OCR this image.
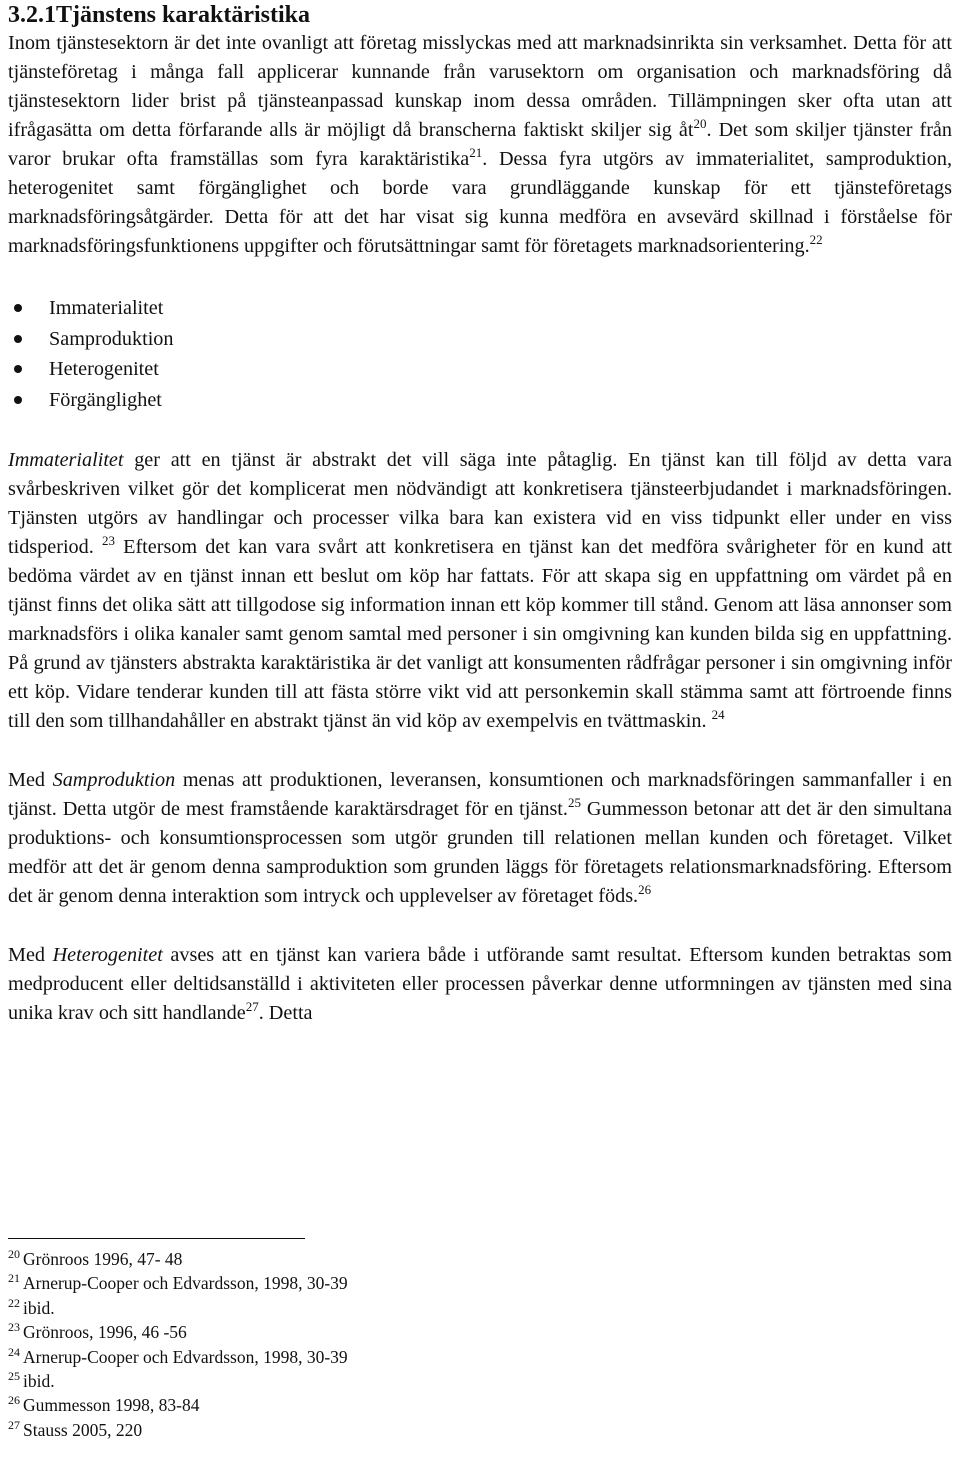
3.2.1Tjänstens karaktäristika

Inom tjänstesektorn är det inte ovanligt att företag misslyckas med att marknadsinrikta sin verksamhet. Detta för att tjänsteföretag i många fall applicerar kunnande från varusektorn om organisation och marknadsföring då tjänstesektorn lider brist på tjänsteanpassad kunskap inom dessa områden. Tillämpningen sker ofta utan att ifrågasätta om detta förfarande alls är möjligt då branscherna faktiskt skiljer sig $åt^{20}$. Det som skiljer tjänster från varor brukar ofta framställas som fyra karaktäristika$^{21}$. Dessa fyra utgörs av immaterialitet, samproduktion, heterogenitet samt förgänglighet och borde vara grundläggande kunskap för ett tjänsteföretags marknadsföringsåtgärder. Detta för att det har visat sig kunna medföra en avsevärd skillnad i förståelse för marknadsföringsfunktionens uppgifter och förutsättningar samt för företagets marknadsorientering.$^{22}$

Immaterialitet
Samproduktion
Heterogenitet
Förgänglighet

Immaterialitet ger att en tjänst är abstrakt det vill säga inte påtaglig. En tjänst kan till följd av detta vara svårbeskriven vilket gör det komplicerat men nödvändigt att konkretisera tjänsteerbjudandet i marknadsföringen. Tjänsten utgörs av handlingar och processer vilka bara kan existera vid en viss tidpunkt eller under en viss tidsperiod. $^{23}$ Eftersom det kan vara svårt att konkretisera en tjänst kan det medföra svårigheter för en kund att bedöma värdet av en tjänst innan ett beslut om köp har fattats. För att skapa sig en uppfattning om värdet på en tjänst finns det olika sätt att tillgodose sig information innan ett köp kommer till stånd. Genom att läsa annonser som marknadsförs i olika kanaler samt genom samtal med personer i sin omgivning kan kunden bilda sig en uppfattning. På grund av tjänsters abstrakta karaktäristika är det vanligt att konsumenten rådfrågar personer i sin omgivning inför ett köp. Vidare tenderar kunden till att fästa större vikt vid att personkemin skall stämma samt att förtroende finns till den som tillhandahåller en abstrakt tjänst än vid köp av exempelvis en tvättmaskin. $^{24}$

Med Samproduktion menas att produktionen, leveransen, konsumtionen och marknadsföringen sammanfaller i en tjänst. Detta utgör de mest framstående karaktärsdraget för en tjänst.$^{25}$ Gummesson betonar att det är den simultana produktions- och konsumtionsprocessen som utgör grunden till relationen mellan kunden och företaget. Vilket medför att det är genom denna samproduktion som grunden läggs för företagets relationsmarknadsföring. Eftersom det är genom denna interaktion som intryck och upplevelser av företaget föds.$^{26}$

Med Heterogenitet avses att en tjänst kan variera både i utförande samt resultat. Eftersom kunden betraktas som medproducent eller deltidsanställd i aktiviteten eller processen påverkar denne utformningen av tjänsten med sina unika krav och sitt handlande$^{27}$. Detta

$^{20}$ Grönroos 1996, 47- 48
$^{21}$ Arnerup-Cooper och Edvardsson, 1998, 30-39
$^{22}$ ibid.
$^{23}$ Grönroos, 1996, 46 -56
$^{24}$ Arnerup-Cooper och Edvardsson, 1998, 30-39
$^{25}$ ibid.
$^{26}$ Gummesson 1998, 83-84
$^{27}$ Stauss 2005, 220
